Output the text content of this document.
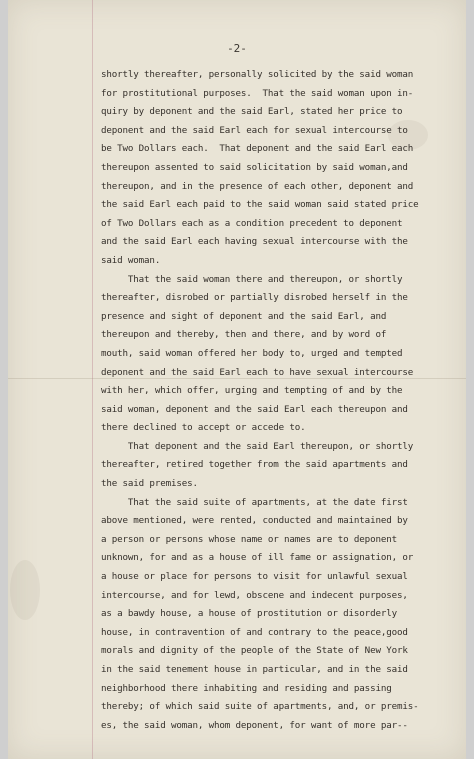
-2-
shortly thereafter, personally solicited by the said woman
for prostitutional purposes.  That the said woman upon in-
quiry by deponent and the said Earl, stated her price to
deponent and the said Earl each for sexual intercourse to
be Two Dollars each.  That deponent and the said Earl each
thereupon assented to said solicitation by said woman,and
thereupon, and in the presence of each other, deponent and
the said Earl each paid to the said woman said stated price
of Two Dollars each as a condition precedent to deponent
and the said Earl each having sexual intercourse with the
said woman.
That the said woman there and thereupon, or shortly
thereafter, disrobed or partially disrobed herself in the
presence and sight of deponent and the said Earl, and
thereupon and thereby, then and there, and by word of
mouth, said woman offered her body to, urged and tempted
deponent and the said Earl each to have sexual intercourse
with her, which offer, urging and tempting of and by the
said woman, deponent and the said Earl each thereupon and
there declined to accept or accede to.
That deponent and the said Earl thereupon, or shortly
thereafter, retired together from the said apartments and
the said premises.
That the said suite of apartments, at the date first
above mentioned, were rented, conducted and maintained by
a person or persons whose name or names are to deponent
unknown, for and as a house of ill fame or assignation, or
a house or place for persons to visit for unlawful sexual
intercourse, and for lewd, obscene and indecent purposes,
as a bawdy house, a house of prostitution or disorderly
house, in contravention of and contrary to the peace,good
morals and dignity of the people of the State of New York
in the said tenement house in particular, and in the said
neighborhood there inhabiting and residing and passing
thereby; of which said suite of apartments, and, or premis-
es, the said woman, whom deponent, for want of more par--
